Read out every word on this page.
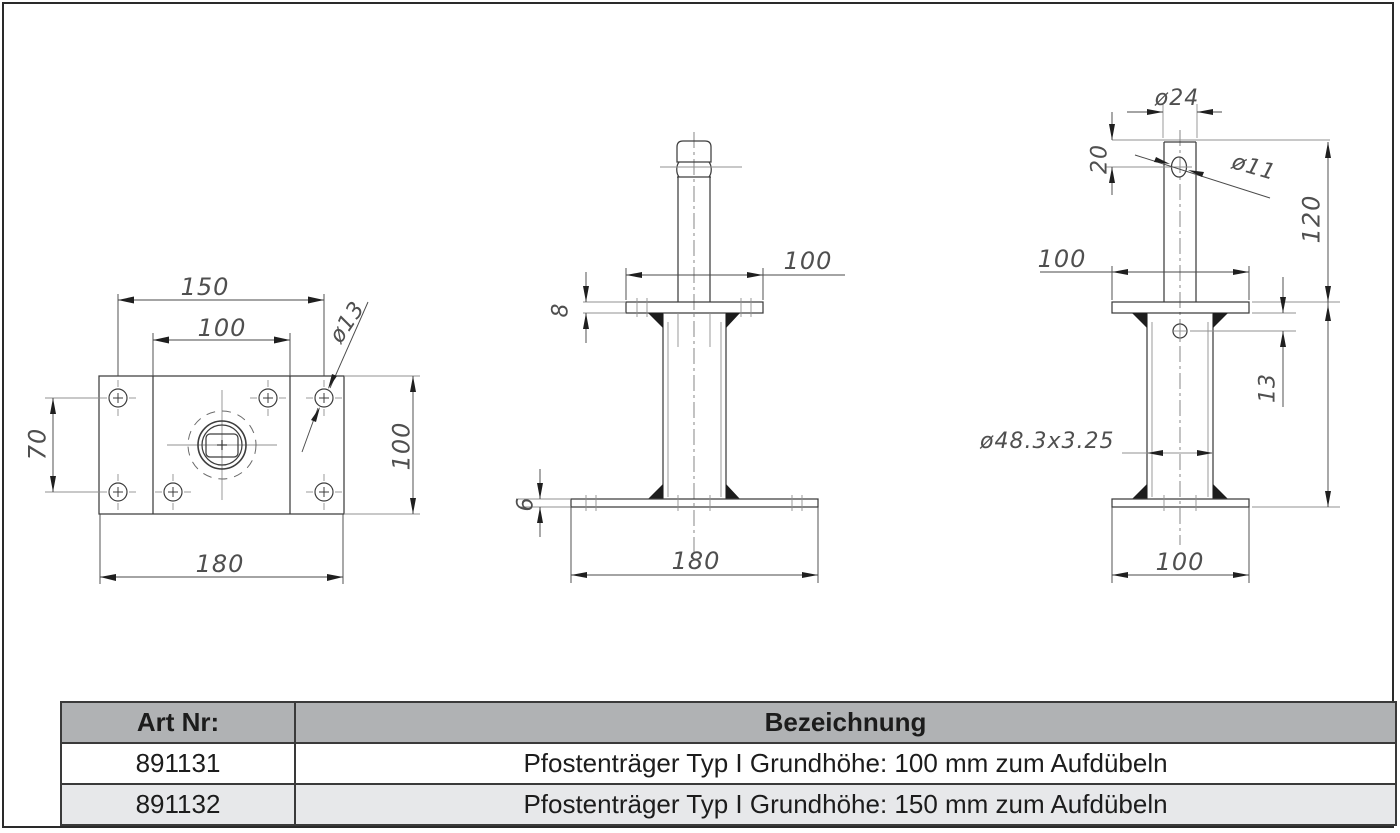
150
100	ø13
70	100
180
100
8
6
180
ø24
20	ø11
120
100
13
ø48.3x3.25
100
Art Nr:	Bezeichnung
891131	Pfostenträger Typ I Grundhöhe: 100 mm zum Aufdübeln
891132	Pfostenträger Typ I Grundhöhe: 150 mm zum Aufdübeln
